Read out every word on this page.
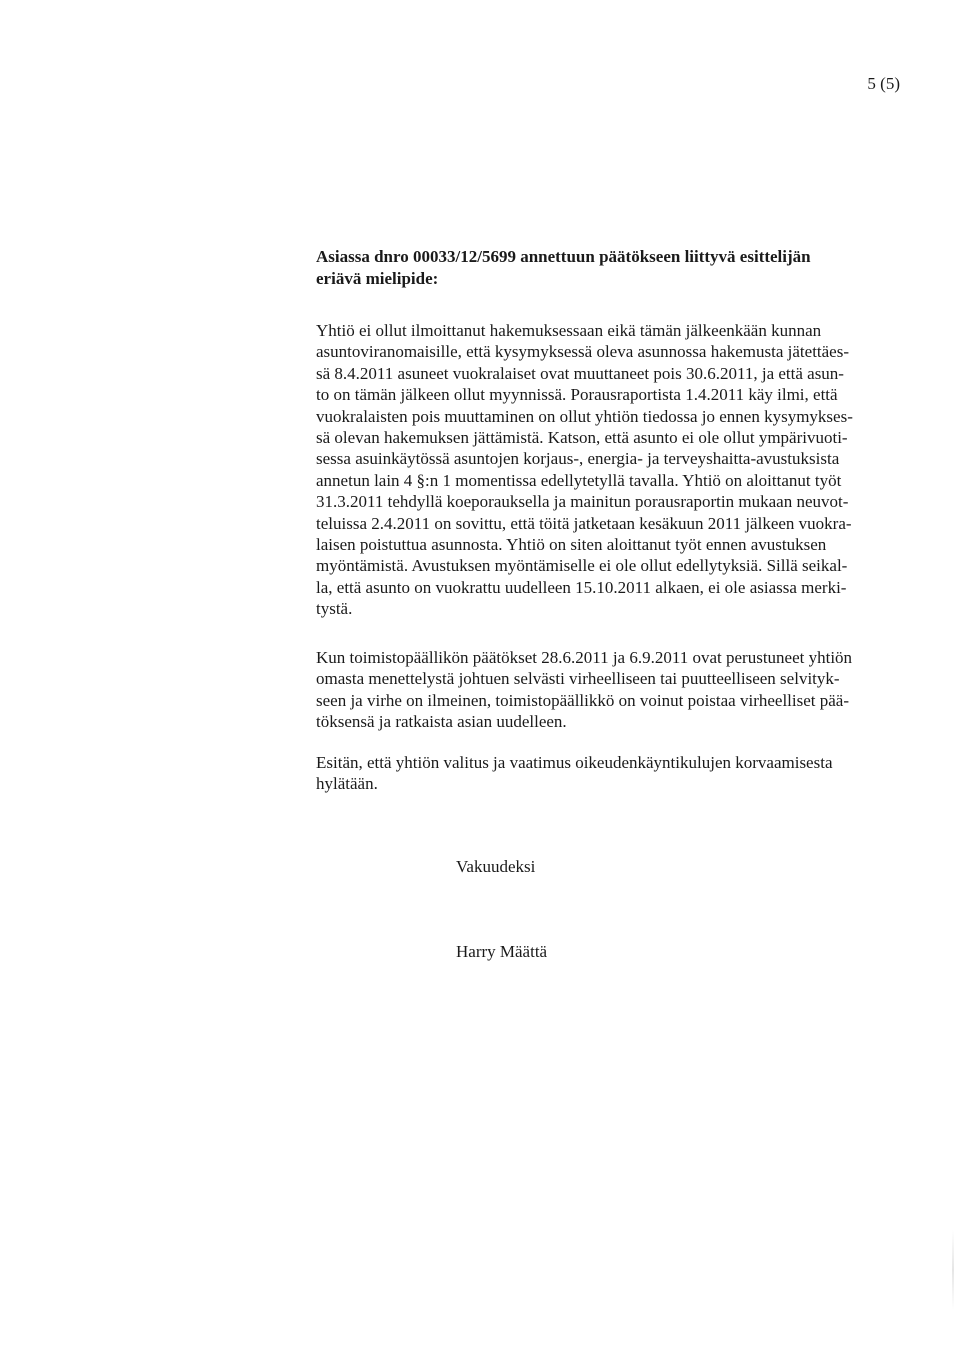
5 (5)
Asiassa dnro 00033/12/5699 annettuun päätökseen liittyvä esittelijän
eriävä mielipide:
Yhtiö ei ollut ilmoittanut hakemuksessaan eikä tämän jälkeenkään kunnan
asuntoviranomaisille, että kysymyksessä oleva asunnossa hakemusta jätettäes-
sä 8.4.2011 asuneet vuokralaiset ovat muuttaneet pois 30.6.2011, ja että asun-
to on tämän jälkeen ollut myynnissä. Porausraportista 1.4.2011 käy ilmi, että
vuokralaisten pois muuttaminen on ollut yhtiön tiedossa jo ennen kysymykses-
sä olevan hakemuksen jättämistä. Katson, että asunto ei ole ollut ympärivuoti-
sessa asuinkäytössä asuntojen korjaus-, energia- ja terveyshaitta-avustuksista
annetun lain 4 §:n 1 momentissa edellytetyllä tavalla. Yhtiö on aloittanut työt
31.3.2011 tehdyllä koeporauksella ja mainitun porausraportin mukaan neuvot-
teluissa 2.4.2011 on sovittu, että töitä jatketaan kesäkuun 2011 jälkeen vuokra-
laisen poistuttua asunnosta. Yhtiö on siten aloittanut työt ennen avustuksen
myöntämistä. Avustuksen myöntämiselle ei ole ollut edellytyksiä. Sillä seikal-
la, että asunto on vuokrattu uudelleen 15.10.2011 alkaen, ei ole asiassa merki-
tystä.
Kun toimistopäällikön päätökset 28.6.2011 ja 6.9.2011 ovat perustuneet yhtiön
omasta menettelystä johtuen selvästi virheelliseen tai puutteelliseen selvityk-
seen ja virhe on ilmeinen, toimistopäällikkö on voinut poistaa virheelliset pää-
töksensä ja ratkaista asian uudelleen.
Esitän, että yhtiön valitus ja vaatimus oikeudenkäyntikulujen korvaamisesta
hylätään.
Vakuudeksi
Harry Määttä
